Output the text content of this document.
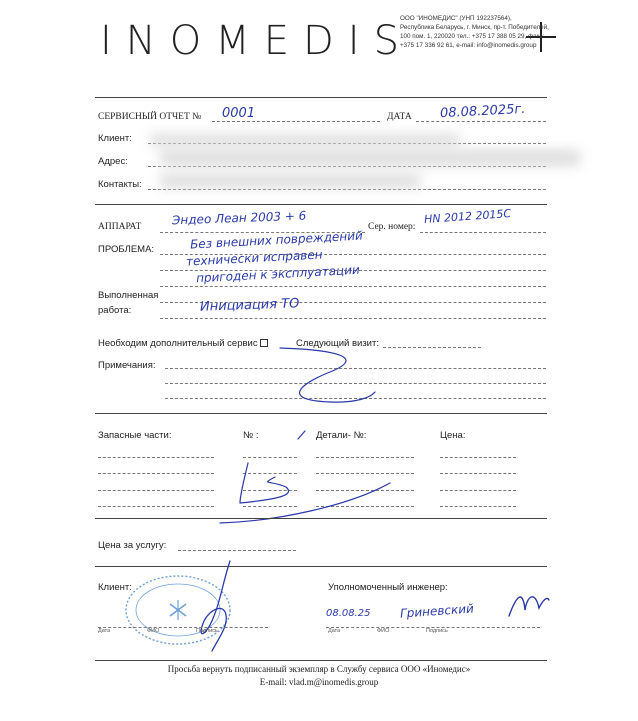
INOMEDIS
ООО "ИНОМЕДИС" (УНП 192237564),
Республика Беларусь, г. Минск, пр-т. Победителей,
100 пом. 1, 220020 тел.: +375 17 388 05 29, факс:
+375 17 336 92 61, e-mail: info@inomedis.group
СЕРВИСНЫЙ ОТЧЕТ № 0001	ДАТА 08.08.2025г.
Клиент:
Адрес:
Контакты:
АППАРАТ	Эндео Леан 2003 + 6	Сер. номер:
HN 2012 2015С
ПРОБЛЕМА:	Без внешних повреждений
технически исправен
пригоден к эксплуатации
Выполненная
работа:	Инициация ТО
Необходим дополнительный сервис	Следующий визит:
Примечания:
Запасные части:	№ :	Детали- №:	Цена:
Цена за услугу:
Клиент:	Уполномоченный инженер:
Дата	ФИО	Подпись
08.08.25 Гриневский
Дата	ФИО	Подпись
Просьба вернуть подписанный экземпляр в Службу сервиса ООО «Иномедис»
E-mail: vlad.m@inomedis.group
